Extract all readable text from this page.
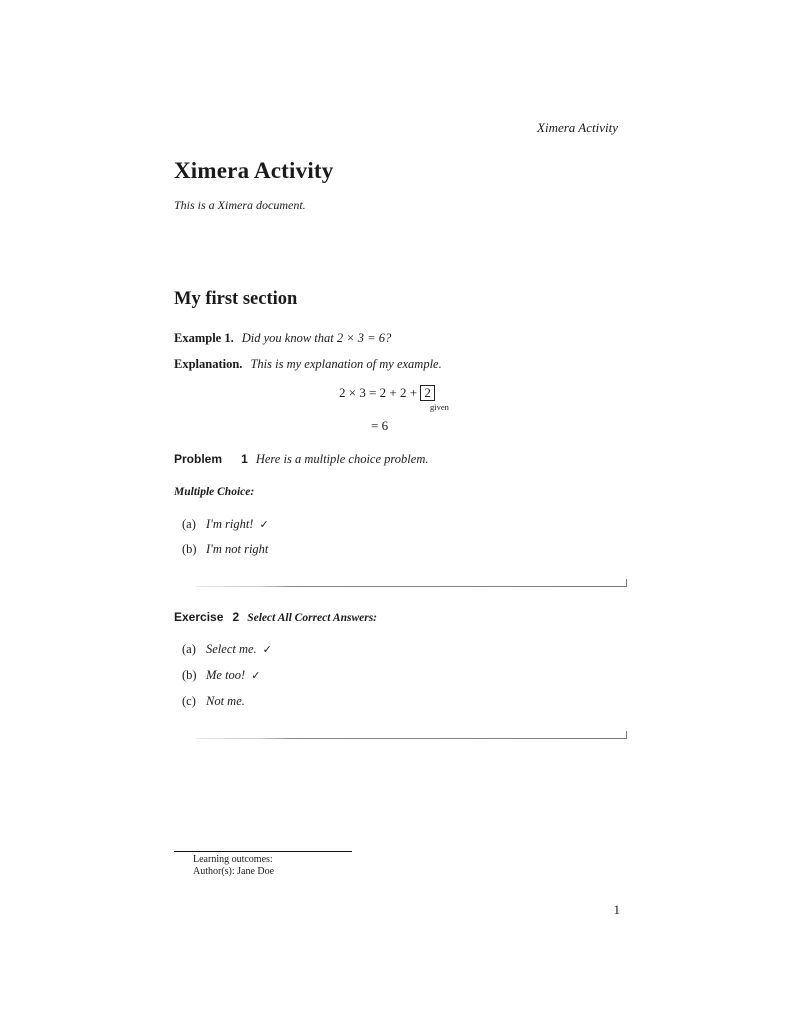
Ximera Activity
Ximera Activity
This is a Ximera document.
My first section
Example 1. Did you know that 2 × 3 = 6?
Explanation. This is my explanation of my example.
2 × 3 = 2 + 2 + 2
given
= 6
Problem 1 Here is a multiple choice problem.
Multiple Choice:
(a) I'm right! ✓
(b) I'm not right
Exercise 2 Select All Correct Answers:
(a) Select me. ✓
(b) Me too! ✓
(c) Not me.
Learning outcomes:
Author(s): Jane Doe
1
